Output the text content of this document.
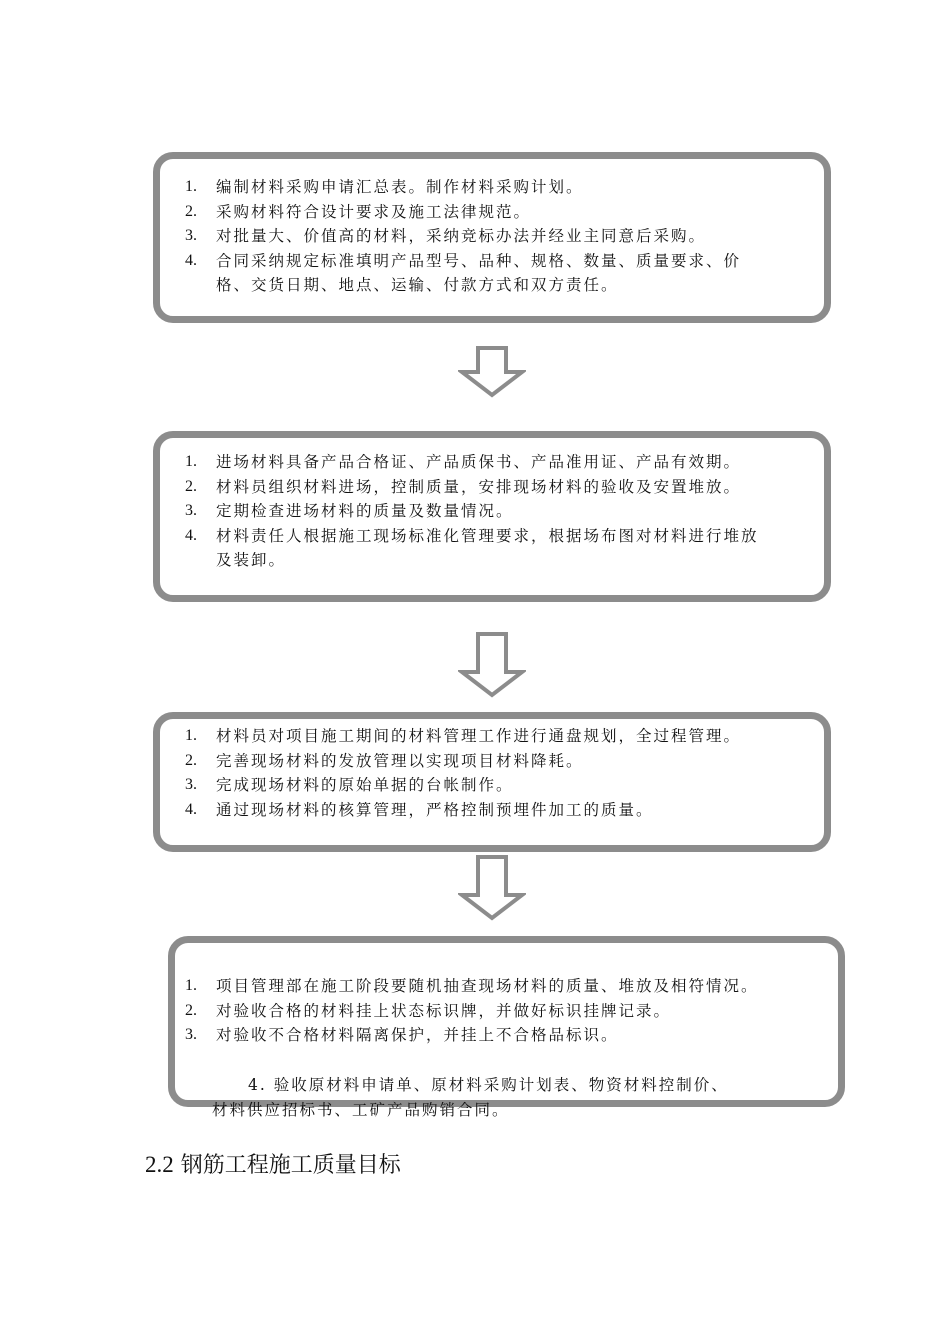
1. 编制材料采购申请汇总表。制作材料采购计划。
2. 采购材料符合设计要求及施工法律规范。
3. 对批量大、价值高的材料，采纳竞标办法并经业主同意后采购。
4. 合同采纳规定标准填明产品型号、品种、规格、数量、质量要求、价格、交货日期、地点、运输、付款方式和双方责任。
1. 进场材料具备产品合格证、产品质保书、产品准用证、产品有效期。
2. 材料员组织材料进场，控制质量，安排现场材料的验收及安置堆放。
3. 定期检查进场材料的质量及数量情况。
4. 材料责任人根据施工现场标准化管理要求，根据场布图对材料进行堆放及装卸。
1. 材料员对项目施工期间的材料管理工作进行通盘规划，全过程管理。
2. 完善现场材料的发放管理以实现项目材料降耗。
3. 完成现场材料的原始单据的台帐制作。
4. 通过现场材料的核算管理，严格控制预埋件加工的质量。
1. 项目管理部在施工阶段要随机抽查现场材料的质量、堆放及相符情况。
2. 对验收合格的材料挂上状态标识牌，并做好标识挂牌记录。
3. 对验收不合格材料隔离保护，并挂上不合格品标识。
4. 验收原材料申请单、原材料采购计划表、物资材料控制价、
材料供应招标书、工矿产品购销合同。
2.2 钢筋工程施工质量目标
